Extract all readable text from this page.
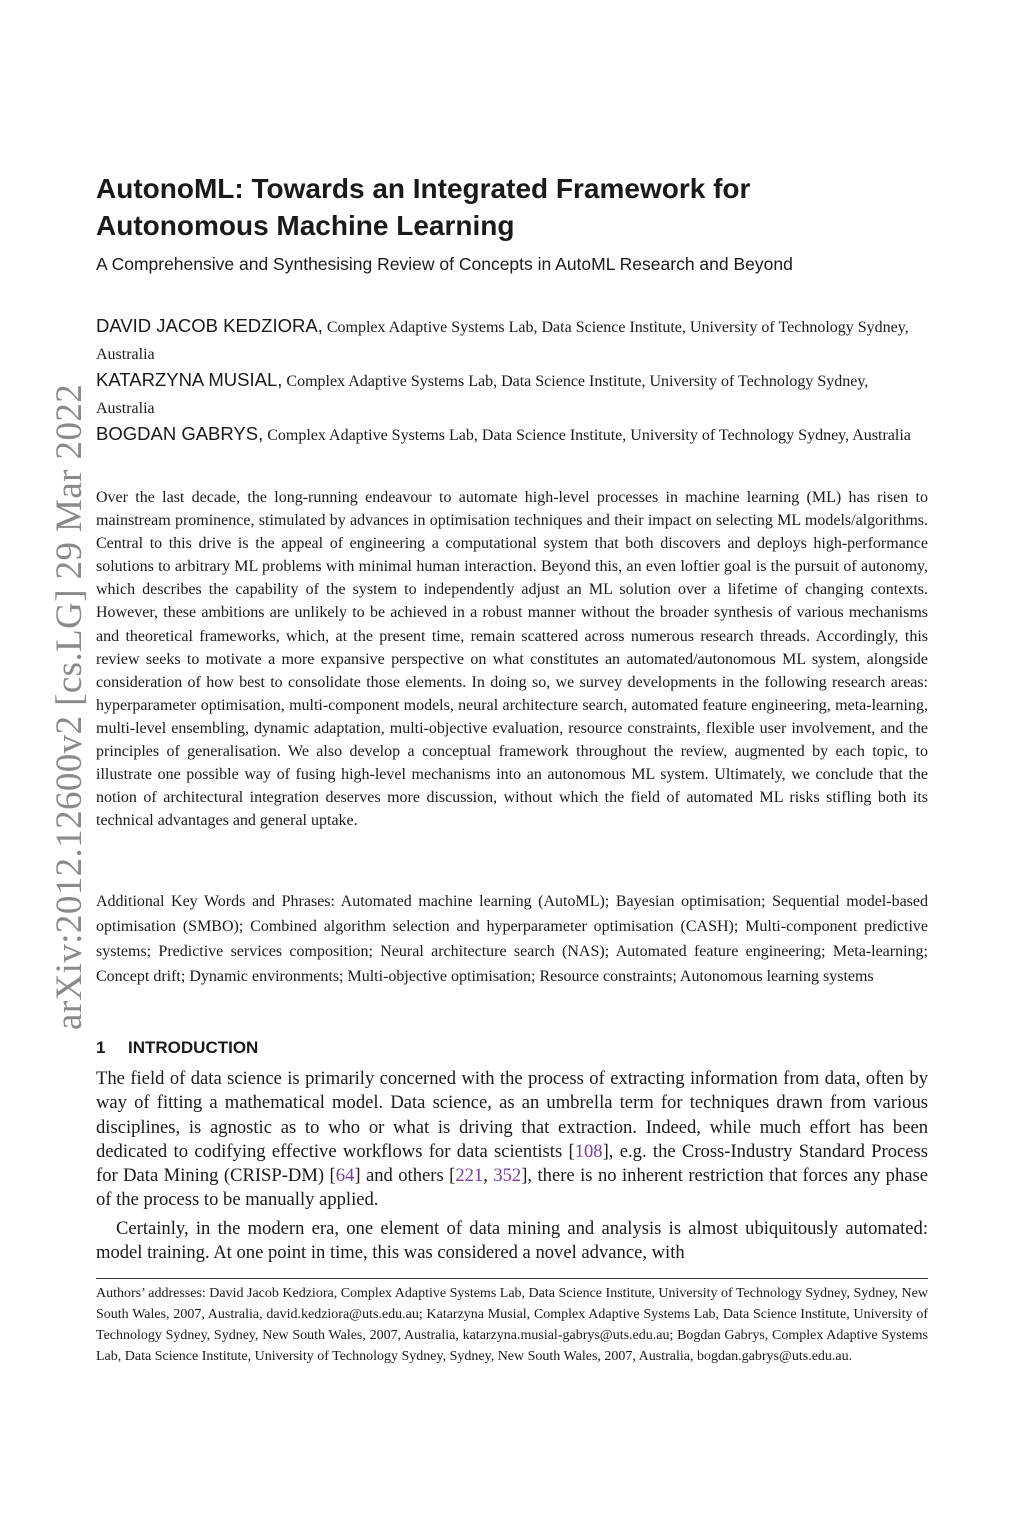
arXiv:2012.12600v2 [cs.LG] 29 Mar 2022
AutonoML: Towards an Integrated Framework for Autonomous Machine Learning

A Comprehensive and Synthesising Review of Concepts in AutoML Research and Beyond

DAVID JACOB KEDZIORA, Complex Adaptive Systems Lab, Data Science Institute, University of Technology Sydney, Australia

KATARZYNA MUSIAL, Complex Adaptive Systems Lab, Data Science Institute, University of Technology Sydney, Australia

BOGDAN GABRYS, Complex Adaptive Systems Lab, Data Science Institute, University of Technology Sydney, Australia

Over the last decade, the long-running endeavour to automate high-level processes in machine learning (ML) has risen to mainstream prominence, stimulated by advances in optimisation techniques and their impact on selecting ML models/algorithms. Central to this drive is the appeal of engineering a computational system that both discovers and deploys high-performance solutions to arbitrary ML problems with minimal human interaction. Beyond this, an even loftier goal is the pursuit of autonomy, which describes the capability of the system to independently adjust an ML solution over a lifetime of changing contexts. However, these ambitions are unlikely to be achieved in a robust manner without the broader synthesis of various mechanisms and theoretical frameworks, which, at the present time, remain scattered across numerous research threads. Accordingly, this review seeks to motivate a more expansive perspective on what constitutes an automated/autonomous ML system, alongside consideration of how best to consolidate those elements. In doing so, we survey developments in the following research areas: hyperparameter optimisation, multi-component models, neural architecture search, automated feature engineering, meta-learning, multi-level ensembling, dynamic adaptation, multi-objective evaluation, resource constraints, flexible user involvement, and the principles of generalisation. We also develop a conceptual framework throughout the review, augmented by each topic, to illustrate one possible way of fusing high-level mechanisms into an autonomous ML system. Ultimately, we conclude that the notion of architectural integration deserves more discussion, without which the field of automated ML risks stifling both its technical advantages and general uptake.

Additional Key Words and Phrases: Automated machine learning (AutoML); Bayesian optimisation; Sequential model-based optimisation (SMBO); Combined algorithm selection and hyperparameter optimisation (CASH); Multi-component predictive systems; Predictive services composition; Neural architecture search (NAS); Automated feature engineering; Meta-learning; Concept drift; Dynamic environments; Multi-objective optimisation; Resource constraints; Autonomous learning systems

1 INTRODUCTION

The field of data science is primarily concerned with the process of extracting information from data, often by way of fitting a mathematical model. Data science, as an umbrella term for techniques drawn from various disciplines, is agnostic as to who or what is driving that extraction. Indeed, while much effort has been dedicated to codifying effective workflows for data scientists [108], e.g. the Cross-Industry Standard Process for Data Mining (CRISP-DM) [64] and others [221, 352], there is no inherent restriction that forces any phase of the process to be manually applied.

Certainly, in the modern era, one element of data mining and analysis is almost ubiquitously automated: model training. At one point in time, this was considered a novel advance, with

Authors’ addresses: David Jacob Kedziora, Complex Adaptive Systems Lab, Data Science Institute, University of Technology Sydney, Sydney, New South Wales, 2007, Australia, david.kedziora@uts.edu.au; Katarzyna Musial, Complex Adaptive Systems Lab, Data Science Institute, University of Technology Sydney, Sydney, New South Wales, 2007, Australia, katarzyna.musial-gabrys@uts.edu.au; Bogdan Gabrys, Complex Adaptive Systems Lab, Data Science Institute, University of Technology Sydney, Sydney, New South Wales, 2007, Australia, bogdan.gabrys@uts.edu.au.
